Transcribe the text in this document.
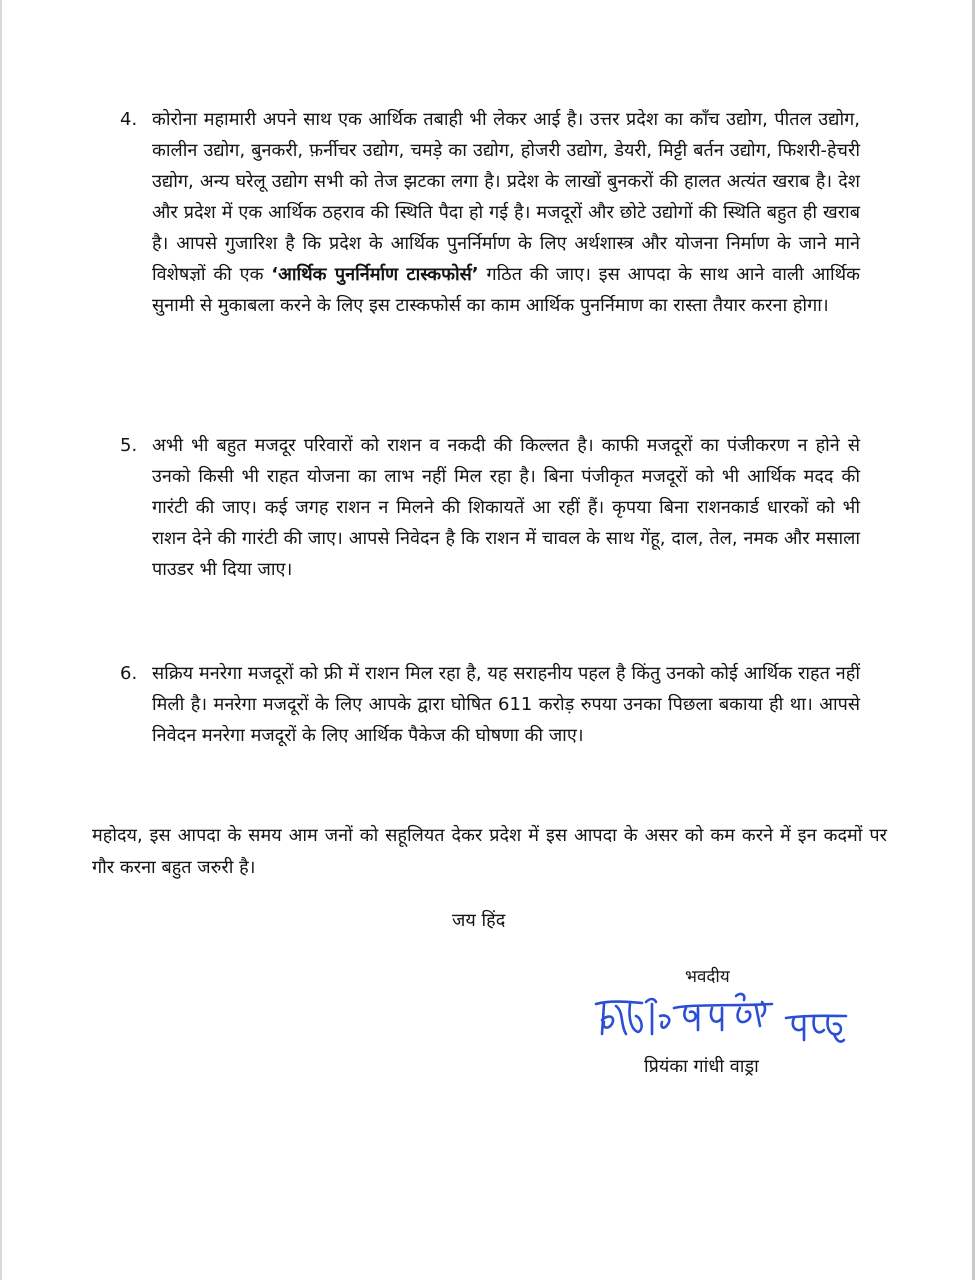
4. कोरोना महामारी अपने साथ एक आर्थिक तबाही भी लेकर आई है। उत्तर प्रदेश का काँच उद्योग, पीतल उद्योग, कालीन उद्योग, बुनकरी, फ़र्नीचर उद्योग, चमड़े का उद्योग, होजरी उद्योग, डेयरी, मिट्टी बर्तन उद्योग, फिशरी-हेचरी उद्योग, अन्य घरेलू उद्योग सभी को तेज झटका लगा है। प्रदेश के लाखों बुनकरों की हालत अत्यंत खराब है। देश और प्रदेश में एक आर्थिक ठहराव की स्थिति पैदा हो गई है। मजदूरों और छोटे उद्योगों की स्थिति बहुत ही खराब है। आपसे गुजारिश है कि प्रदेश के आर्थिक पुनर्निर्माण के लिए अर्थशास्त्र और योजना निर्माण के जाने माने विशेषज्ञों की एक ‘आर्थिक पुनर्निर्माण टास्कफोर्स’ गठित की जाए। इस आपदा के साथ आने वाली आर्थिक सुनामी से मुकाबला करने के लिए इस टास्कफोर्स का काम आर्थिक पुनर्निमाण का रास्ता तैयार करना होगा।
5. अभी भी बहुत मजदूर परिवारों को राशन व नकदी की किल्लत है। काफी मजदूरों का पंजीकरण न होने से उनको किसी भी राहत योजना का लाभ नहीं मिल रहा है। बिना पंजीकृत मजदूरों को भी आर्थिक मदद की गारंटी की जाए। कई जगह राशन न मिलने की शिकायतें आ रहीं हैं। कृपया बिना राशनकार्ड धारकों को भी राशन देने की गारंटी की जाए। आपसे निवेदन है कि राशन में चावल के साथ गेंहू, दाल, तेल, नमक और मसाला पाउडर भी दिया जाए।
6. सक्रिय मनरेगा मजदूरों को फ्री में राशन मिल रहा है, यह सराहनीय पहल है किंतु उनको कोई आर्थिक राहत नहीं मिली है। मनरेगा मजदूरों के लिए आपके द्वारा घोषित 611 करोड़ रुपया उनका पिछला बकाया ही था। आपसे निवेदन मनरेगा मजदूरों के लिए आर्थिक पैकेज की घोषणा की जाए।
महोदय, इस आपदा के समय आम जनों को सहूलियत देकर प्रदेश में इस आपदा के असर को कम करने में इन कदमों पर गौर करना बहुत जरुरी है।
जय हिंद
भवदीय
प्रियंका गांधी वाड्रा
